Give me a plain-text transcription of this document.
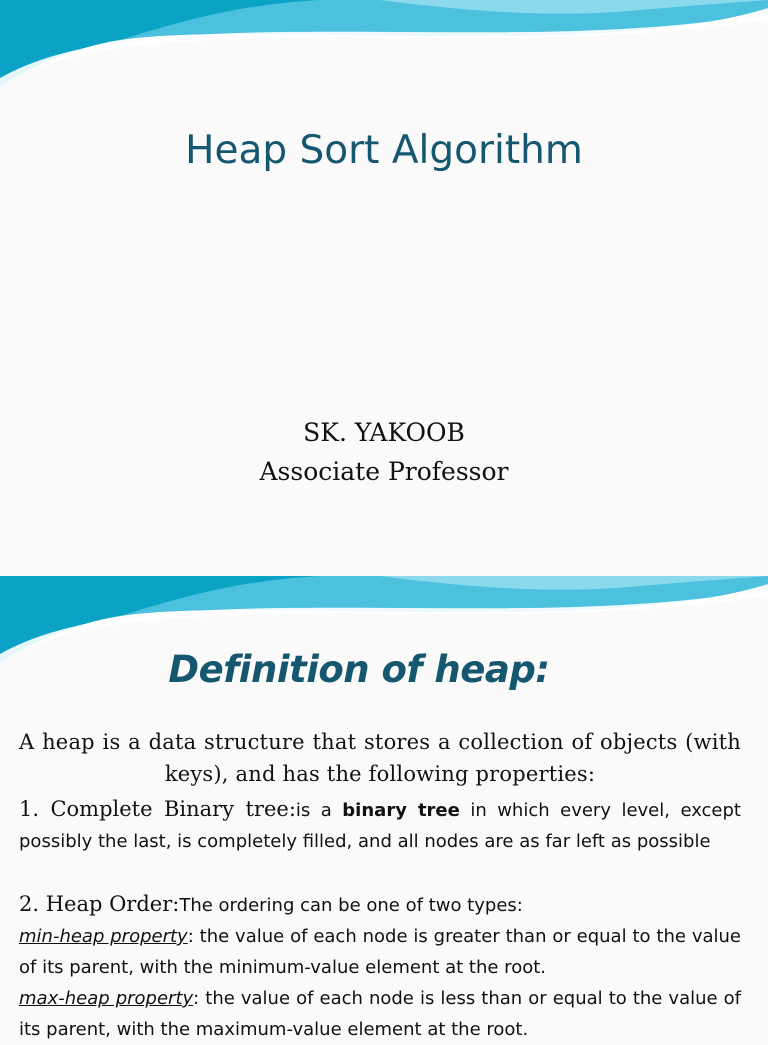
Heap Sort Algorithm
SK. YAKOOB
Associate Professor
Definition of heap:
A heap is a data structure that stores a collection of objects (with keys), and has the following properties:
1. Complete Binary tree:is a binary tree in which every level, except possibly the last, is completely filled, and all nodes are as far left as possible
2. Heap Order:The ordering can be one of two types:
min-heap property: the value of each node is greater than or equal to the value of its parent, with the minimum-value element at the root.
max-heap property: the value of each node is less than or equal to the value of its parent, with the maximum-value element at the root.
